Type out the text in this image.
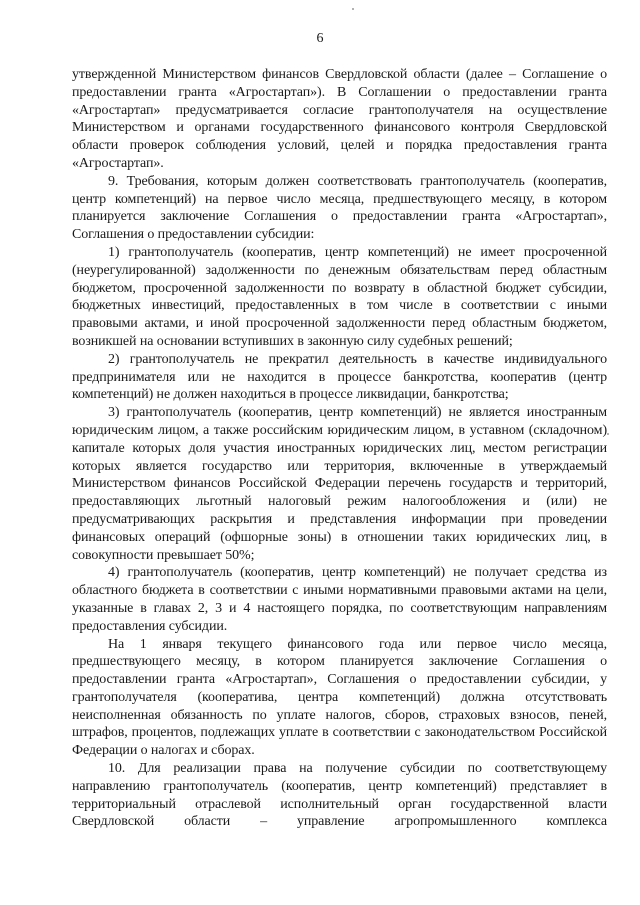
6

утвержденной Министерством финансов Свердловской области (далее – Соглашение о предоставлении гранта «Агростартап»). В Соглашении о предоставлении гранта «Агростартап» предусматривается согласие грантополучателя на осуществление Министерством и органами государственного финансового контроля Свердловской области проверок соблюдения условий, целей и порядка предоставления гранта «Агростартап».

9. Требования, которым должен соответствовать грантополучатель (кооператив, центр компетенций) на первое число месяца, предшествующего месяцу, в котором планируется заключение Соглашения о предоставлении гранта «Агростартап», Соглашения о предоставлении субсидии:

1) грантополучатель (кооператив, центр компетенций) не имеет просроченной (неурегулированной) задолженности по денежным обязательствам перед областным бюджетом, просроченной задолженности по возврату в областной бюджет субсидии, бюджетных инвестиций, предоставленных в том числе в соответствии с иными правовыми актами, и иной просроченной задолженности перед областным бюджетом, возникшей на основании вступивших в законную силу судебных решений;

2) грантополучатель не прекратил деятельность в качестве индивидуального предпринимателя или не находится в процессе банкротства, кооператив (центр компетенций) не должен находиться в процессе ликвидации, банкротства;

3) грантополучатель (кооператив, центр компетенций) не является иностранным юридическим лицом, а также российским юридическим лицом, в уставном (складочном) капитале которых доля участия иностранных юридических лиц, местом регистрации которых является государство или территория, включенные в утверждаемый Министерством финансов Российской Федерации перечень государств и территорий, предоставляющих льготный налоговый режим налогообложения и (или) не предусматривающих раскрытия и представления информации при проведении финансовых операций (офшорные зоны) в отношении таких юридических лиц, в совокупности превышает 50%;

4) грантополучатель (кооператив, центр компетенций) не получает средства из областного бюджета в соответствии с иными нормативными правовыми актами на цели, указанные в главах 2, 3 и 4 настоящего порядка, по соответствующим направлениям предоставления субсидии.

На 1 января текущего финансового года или первое число месяца, предшествующего месяцу, в котором планируется заключение Соглашения о предоставлении гранта «Агростартап», Соглашения о предоставлении субсидии, у грантополучателя (кооператива, центра компетенций) должна отсутствовать неисполненная обязанность по уплате налогов, сборов, страховых взносов, пеней, штрафов, процентов, подлежащих уплате в соответствии с законодательством Российской Федерации о налогах и сборах.

10. Для реализации права на получение субсидии по соответствующему направлению грантополучатель (кооператив, центр компетенций) представляет в территориальный отраслевой исполнительный орган государственной власти Свердловской области – управление агропромышленного комплекса
